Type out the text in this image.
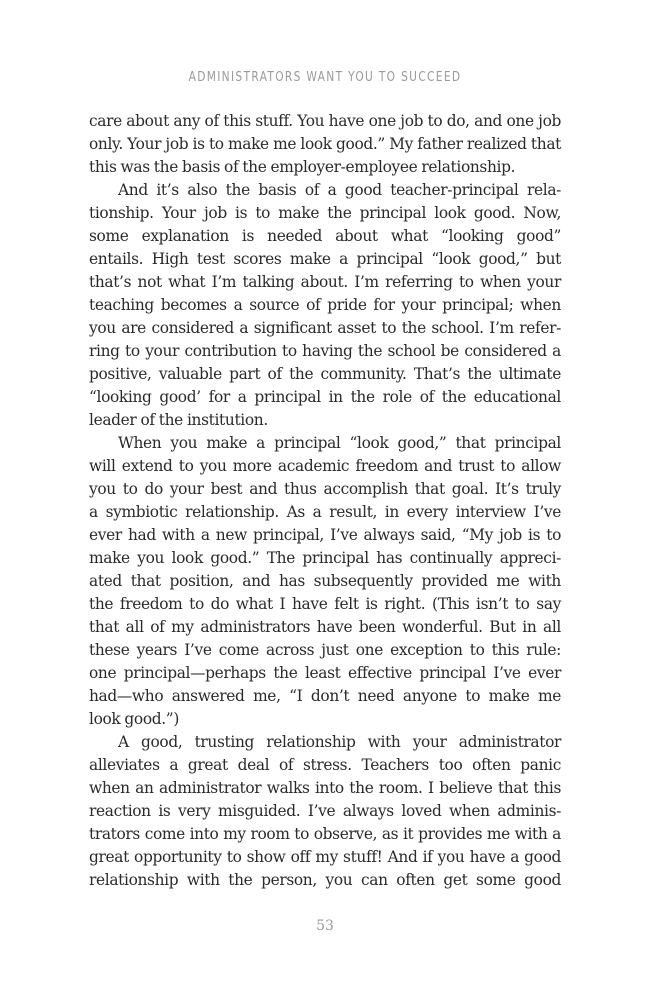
ADMINISTRATORS WANT YOU TO SUCCEED
care about any of this stuff. You have one job to do, and one job
only. Your job is to make me look good.” My father realized that
this was the basis of the employer-employee relationship.
And it’s also the basis of a good teacher-principal rela-
tionship. Your job is to make the principal look good. Now,
some explanation is needed about what “looking good”
entails. High test scores make a principal “look good,” but
that’s not what I’m talking about. I’m referring to when your
teaching becomes a source of pride for your principal; when
you are considered a significant asset to the school. I’m refer-
ring to your contribution to having the school be considered a
positive, valuable part of the community. That’s the ultimate
“looking good’ for a principal in the role of the educational
leader of the institution.
When you make a principal “look good,” that principal
will extend to you more academic freedom and trust to allow
you to do your best and thus accomplish that goal. It’s truly
a symbiotic relationship. As a result, in every interview I’ve
ever had with a new principal, I’ve always said, “My job is to
make you look good.” The principal has continually appreci-
ated that position, and has subsequently provided me with
the freedom to do what I have felt is right. (This isn’t to say
that all of my administrators have been wonderful. But in all
these years I’ve come across just one exception to this rule:
one principal—perhaps the least effective principal I’ve ever
had—who answered me, “I don’t need anyone to make me
look good.”)
A good, trusting relationship with your administrator
alleviates a great deal of stress. Teachers too often panic
when an administrator walks into the room. I believe that this
reaction is very misguided. I’ve always loved when adminis-
trators come into my room to observe, as it provides me with a
great opportunity to show off my stuff! And if you have a good
relationship with the person, you can often get some good
53
